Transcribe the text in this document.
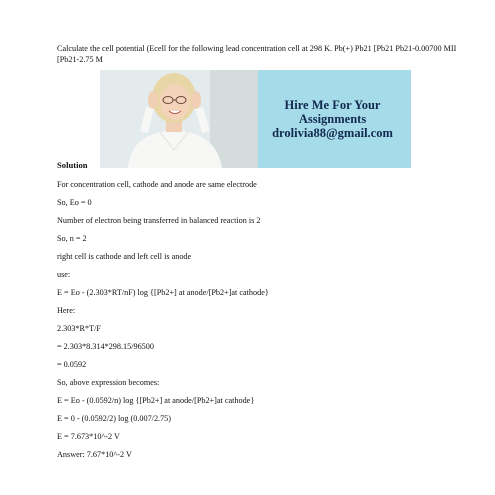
Calculate the cell potential (Ecell for the following lead concentration cell at 298 K. Pb(+) Pb21 [Pb21 Pb21-0.00700 MII [Pb21-2.75 M

Hire Me For Your
Assignments
drolivia88@gmail.com

Solution

For concentration cell, cathode and anode are same electrode

So, Eo = 0

Number of electron being transferred in balanced reaction is 2

So, n = 2

right cell is cathode and left cell is anode

use:

E = Eo - (2.303*RT/nF) log {[Pb2+] at anode/[Pb2+]at cathode}

Here:

2.303*R*T/F

= 2.303*8.314*298.15/96500

= 0.0592

So, above expression becomes:

E = Eo - (0.0592/n) log {[Pb2+] at anode/[Pb2+]at cathode}

E = 0 - (0.0592/2) log (0.007/2.75)

E = 7.673*10^-2 V

Answer: 7.67*10^-2 V
